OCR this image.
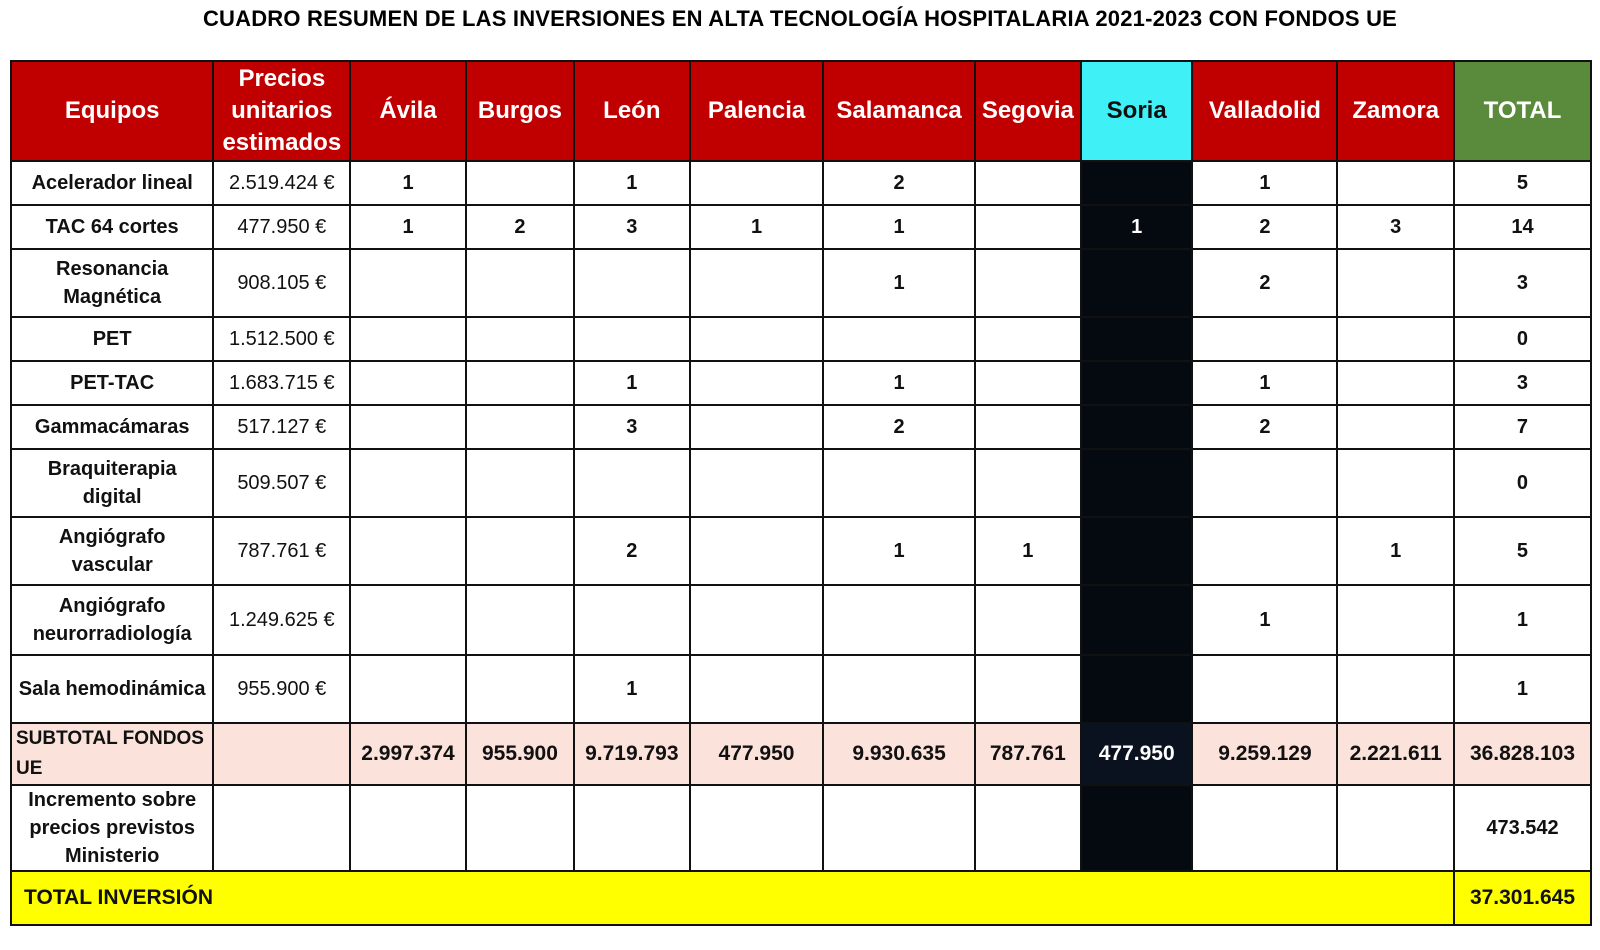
CUADRO RESUMEN DE LAS INVERSIONES EN ALTA TECNOLOGÍA HOSPITALARIA 2021-2023 CON FONDOS UE
Equipos	Precios unitarios estimados	Ávila	Burgos	León	Palencia	Salamanca	Segovia	Soria	Valladolid	Zamora	TOTAL
Acelerador lineal	2.519.424 €	1		1		2			1		5
TAC 64 cortes	477.950 €	1	2	3	1	1		1	2	3	14
Resonancia Magnética	908.105 €					1			2		3
PET	1.512.500 €										0
PET-TAC	1.683.715 €			1		1			1		3
Gammacámaras	517.127 €			3		2			2		7
Braquiterapia digital	509.507 €										0
Angiógrafo vascular	787.761 €			2		1	1			1	5
Angiógrafo neurorradiología	1.249.625 €								1		1
Sala hemodinámica	955.900 €			1							1
SUBTOTAL FONDOS UE		2.997.374	955.900	9.719.793	477.950	9.930.635	787.761	477.950	9.259.129	2.221.611	36.828.103
Incremento sobre precios previstos Ministerio											473.542
TOTAL INVERSIÓN											37.301.645
